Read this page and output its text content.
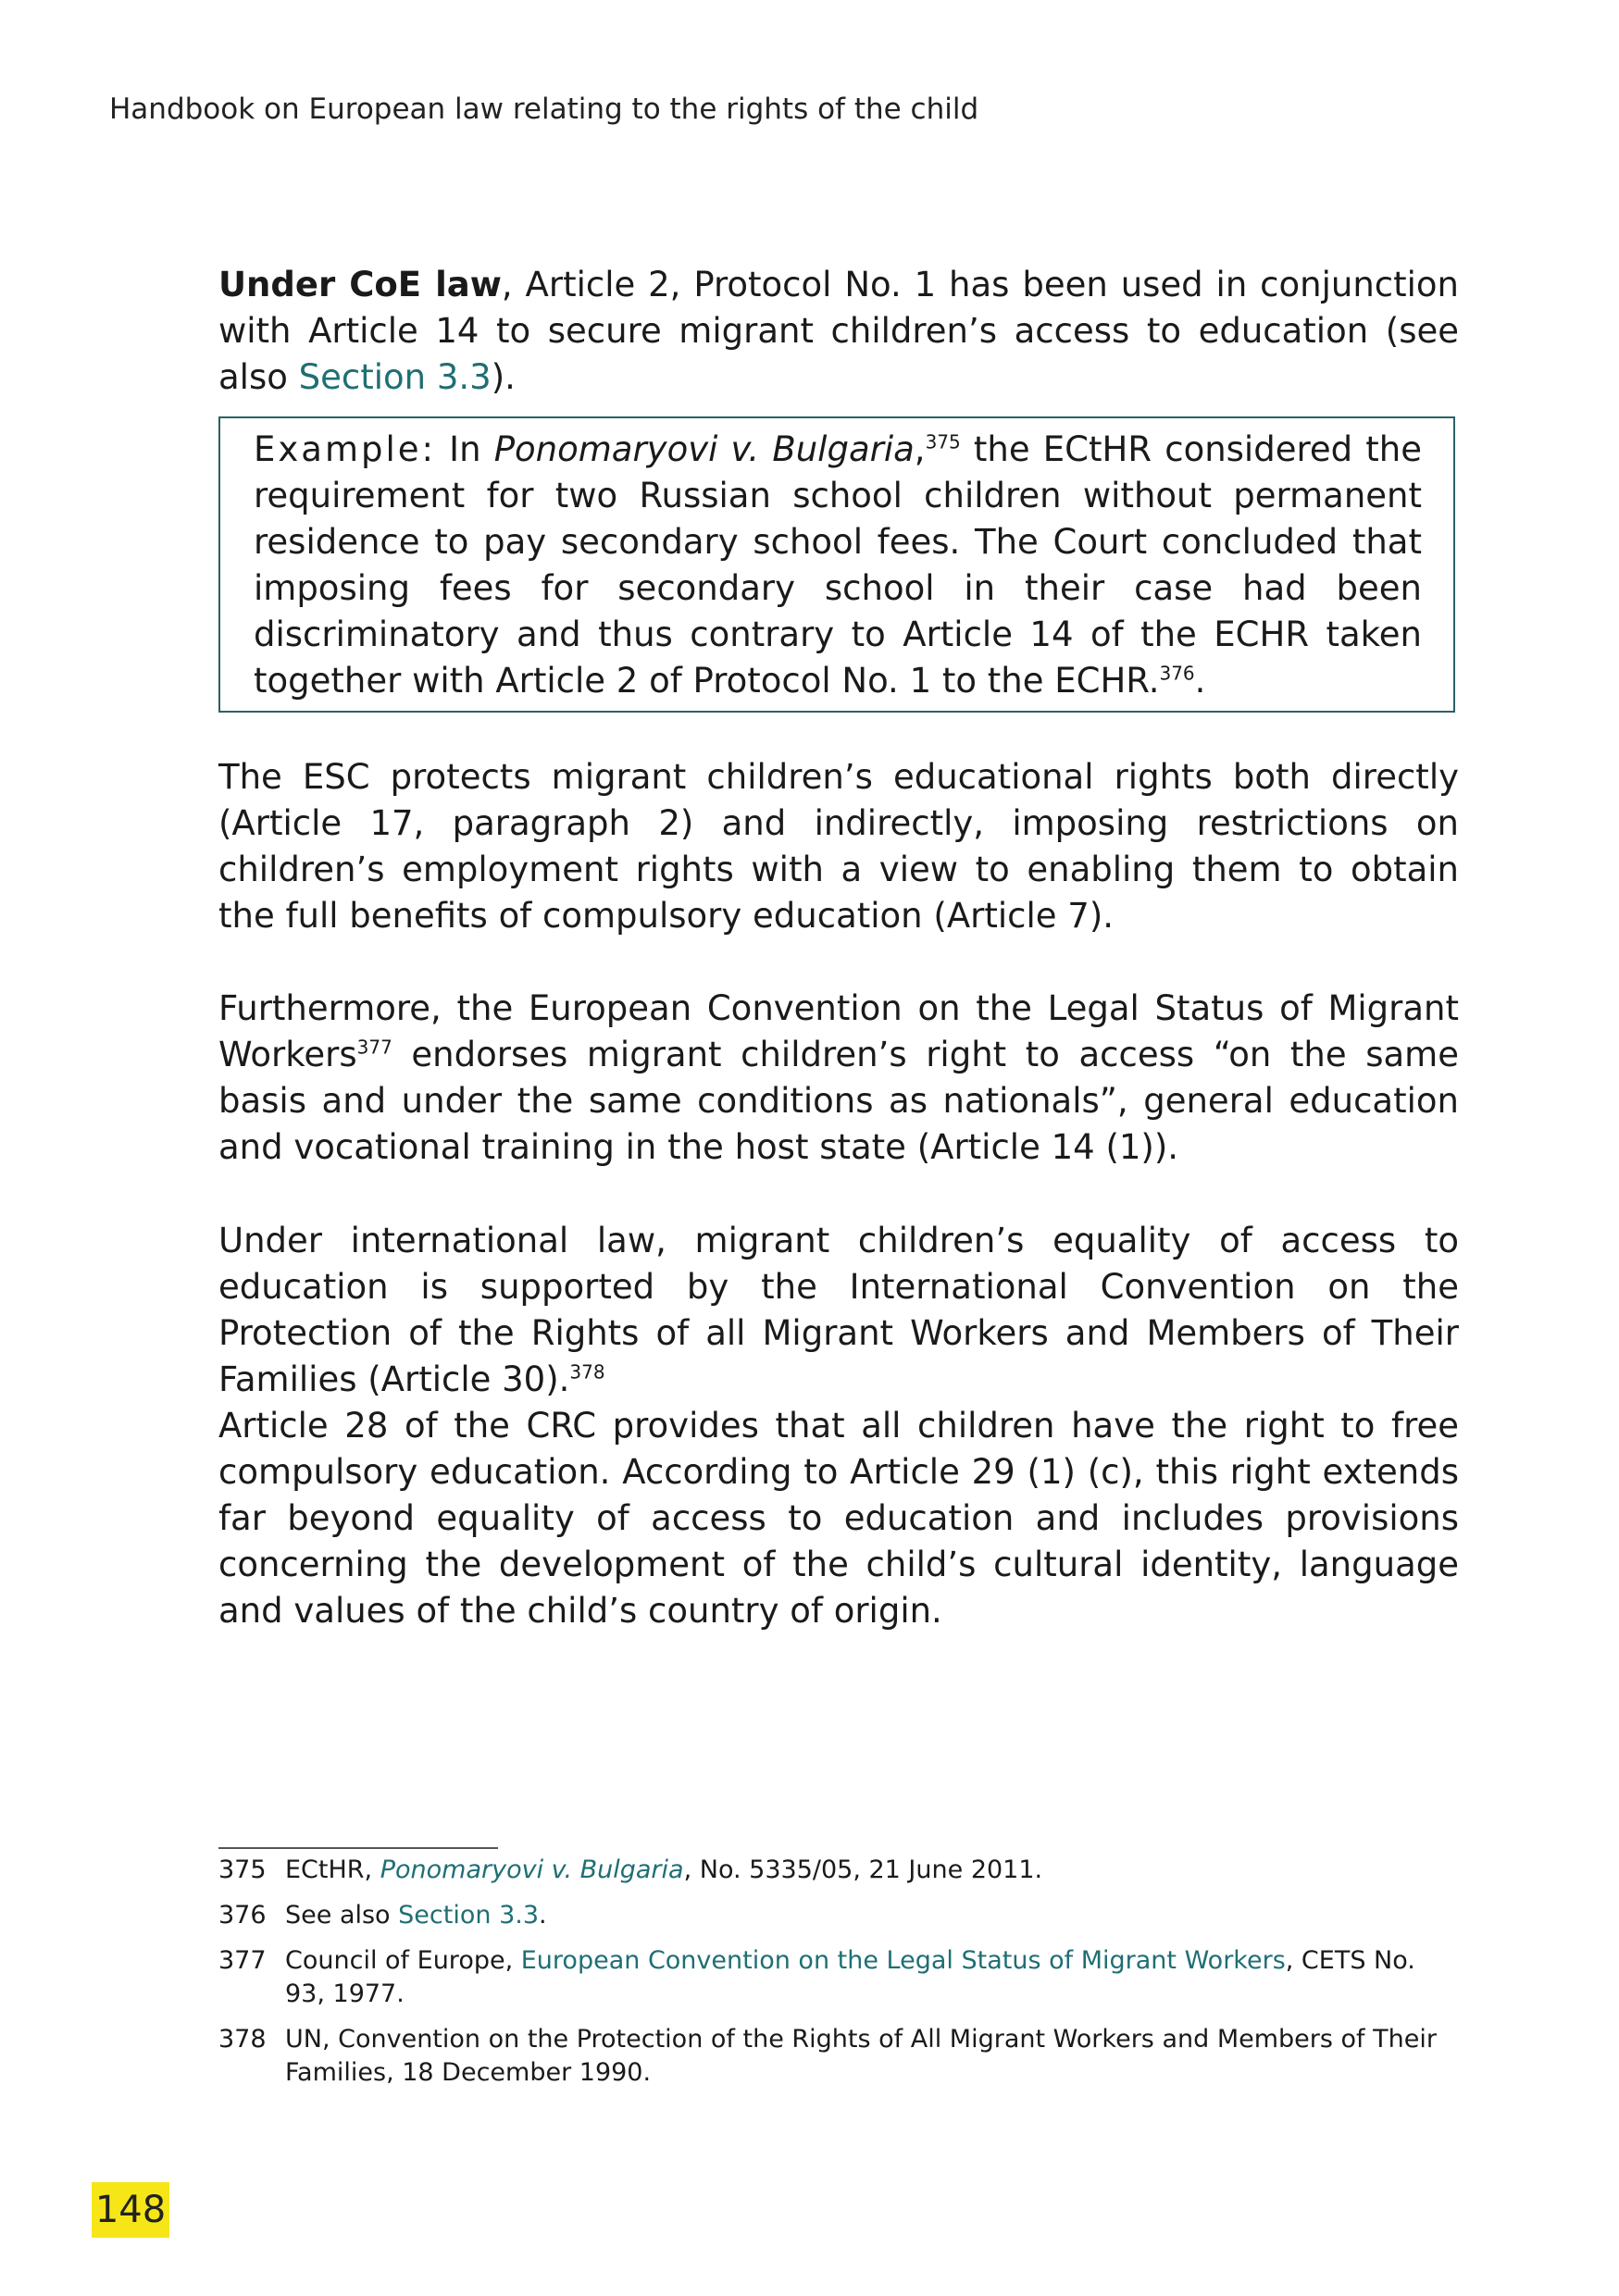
Handbook on European law relating to the rights of the child
Under CoE law, Article 2, Protocol No. 1 has been used in conjunction with Article 14 to secure migrant children’s access to education (see also Section 3.3).
Example: In Ponomaryovi v. Bulgaria,$^{375}$ the ECtHR considered the requirement for two Russian school children without permanent residence to pay secondary school fees. The Court concluded that imposing fees for secondary school in their case had been discriminatory and thus contrary to Article 14 of the ECHR taken together with Article 2 of Protocol No. 1 to the ECHR.$^{376}$.
The ESC protects migrant children’s educational rights both directly (Article 17, paragraph 2) and indirectly, imposing restrictions on children’s employment rights with a view to enabling them to obtain the full benefits of compulsory education (Article 7).
Furthermore, the European Convention on the Legal Status of Migrant Workers$^{377}$ endorses migrant children’s right to access “on the same basis and under the same conditions as nationals”, general education and vocational training in the host state (Article 14 (1)).
Under international law, migrant children’s equality of access to education is supported by the International Convention on the Protection of the Rights of all Migrant Workers and Members of Their Families (Article 30).$^{378}$
Article 28 of the CRC provides that all children have the right to free compulsory education. According to Article 29 (1) (c), this right extends far beyond equality of access to education and includes provisions concerning the development of the child’s cultural identity, language and values of the child’s country of origin.
375 ECtHR, Ponomaryovi v. Bulgaria, No. 5335/05, 21 June 2011.
376 See also Section 3.3.
377 Council of Europe, European Convention on the Legal Status of Migrant Workers, CETS No. 93, 1977.
378 UN, Convention on the Protection of the Rights of All Migrant Workers and Members of Their Families, 18 December 1990.
148
